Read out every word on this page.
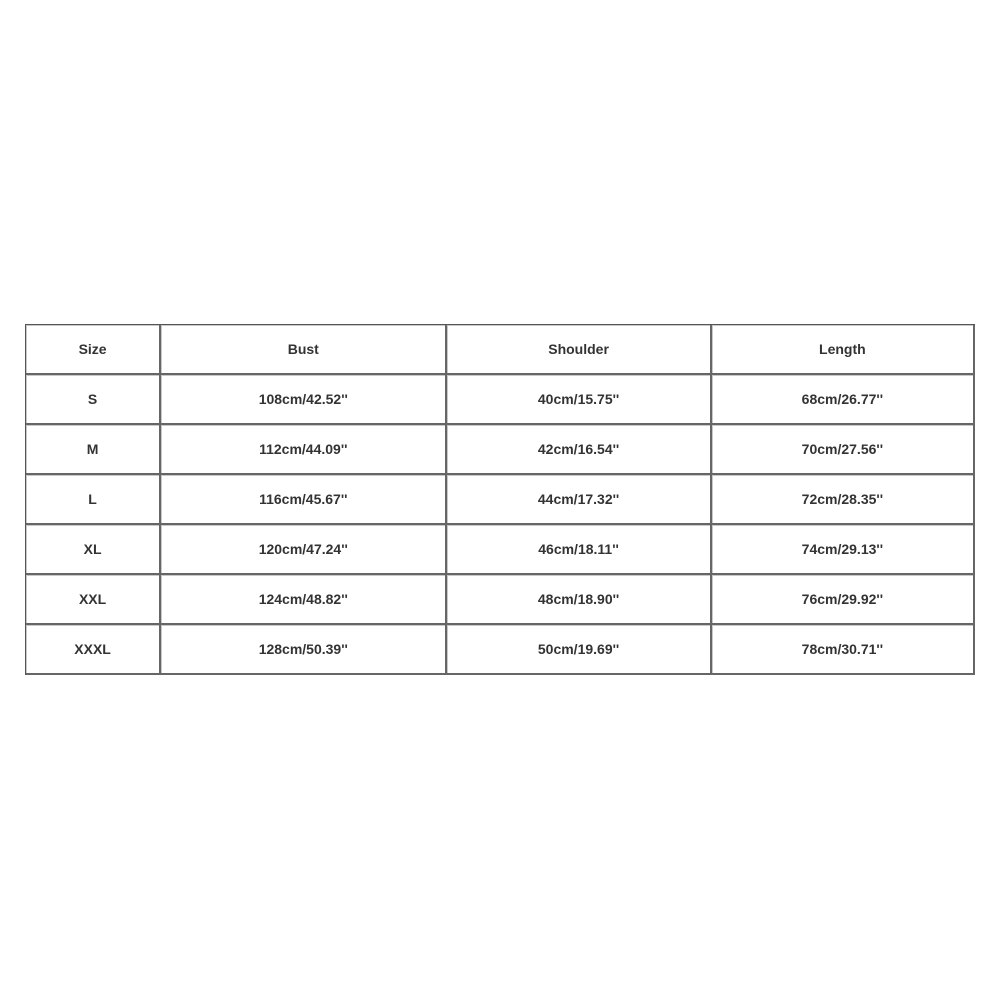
Size	Bust	Shoulder	Length
S	108cm/42.52''	40cm/15.75''	68cm/26.77''
M	112cm/44.09''	42cm/16.54''	70cm/27.56''
L	116cm/45.67''	44cm/17.32''	72cm/28.35''
XL	120cm/47.24''	46cm/18.11''	74cm/29.13''
XXL	124cm/48.82''	48cm/18.90''	76cm/29.92''
XXXL	128cm/50.39''	50cm/19.69''	78cm/30.71''
